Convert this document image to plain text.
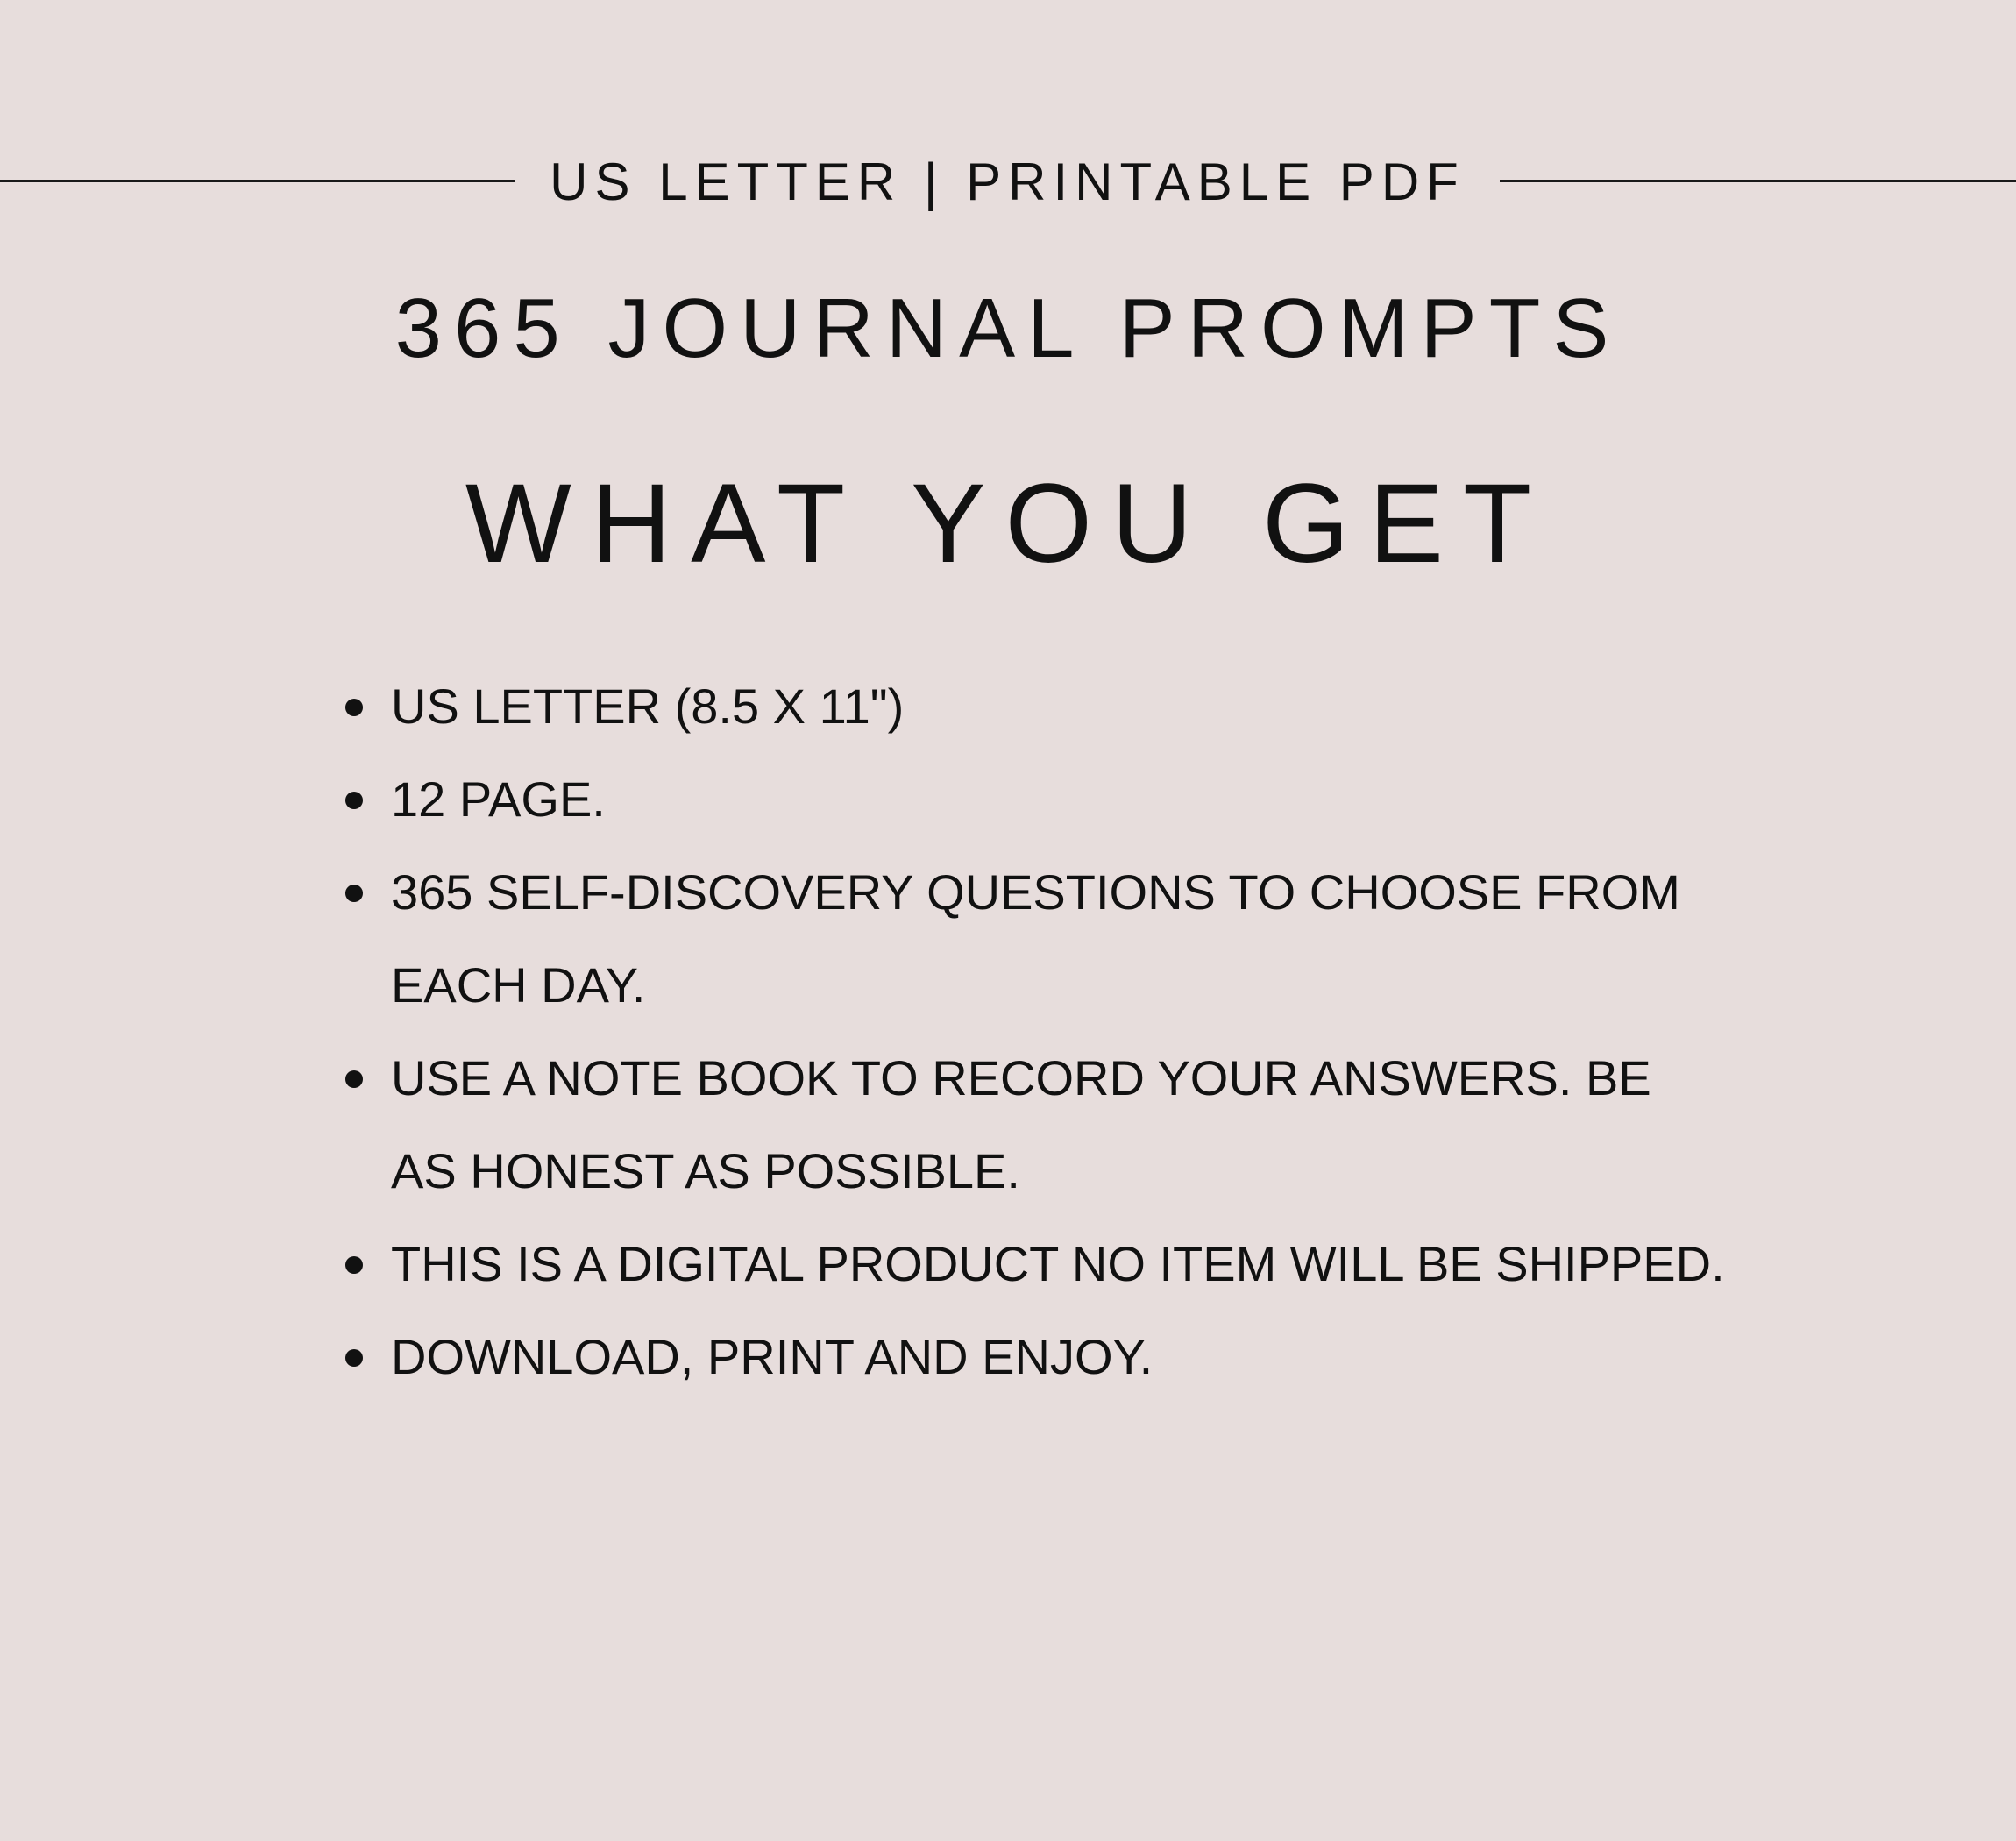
US LETTER | PRINTABLE PDF
365 JOURNAL PROMPTS
WHAT YOU GET
US LETTER (8.5 X 11")
12 PAGE.
365 SELF-DISCOVERY QUESTIONS TO CHOOSE FROM
EACH DAY.
USE A NOTE BOOK TO RECORD YOUR ANSWERS. BE
AS HONEST AS POSSIBLE.
THIS IS A DIGITAL PRODUCT NO ITEM WILL BE SHIPPED.
DOWNLOAD, PRINT AND ENJOY.
